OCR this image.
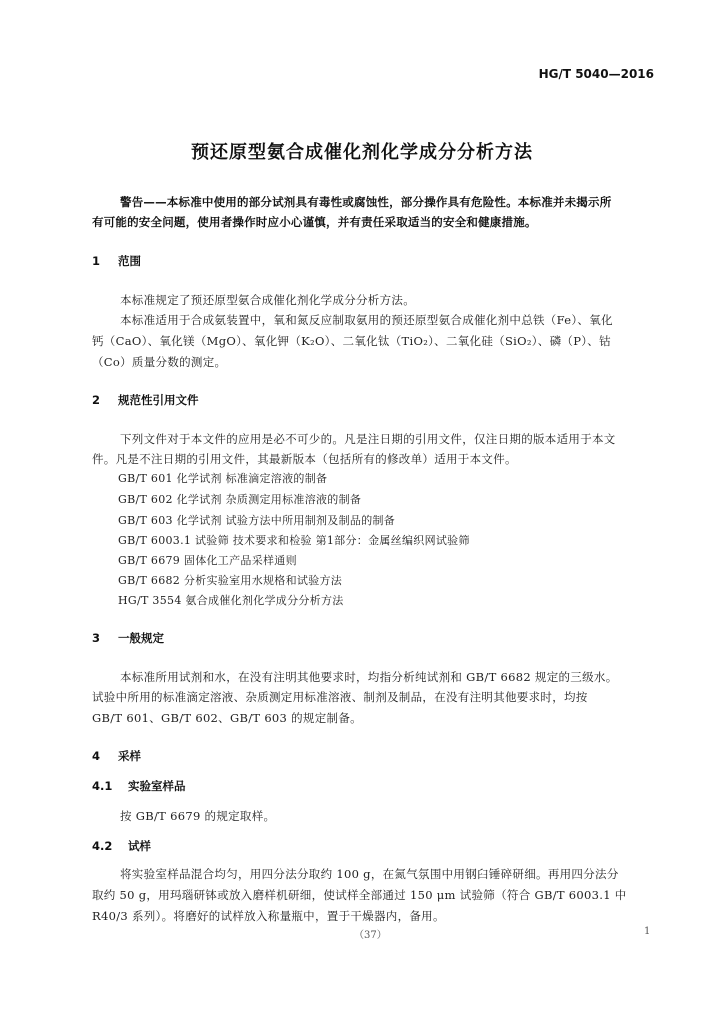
HG/T 5040—2016
预还原型氨合成催化剂化学成分分析方法
警告——本标准中使用的部分试剂具有毒性或腐蚀性，部分操作具有危险性。本标准并未揭示所
有可能的安全问题，使用者操作时应小心谨慎，并有责任采取适当的安全和健康措施。
1 范围
本标准规定了预还原型氨合成催化剂化学成分分析方法。
本标准适用于合成氨装置中，氧和氮反应制取氨用的预还原型氨合成催化剂中总铁（Fe）、氧化
钙（CaO）、氧化镁（MgO）、氧化钾（K₂O）、二氧化钛（TiO₂）、二氧化硅（SiO₂）、磷（P）、钴
（Co）质量分数的测定。
2 规范性引用文件
下列文件对于本文件的应用是必不可少的。凡是注日期的引用文件，仅注日期的版本适用于本文
件。凡是不注日期的引用文件，其最新版本（包括所有的修改单）适用于本文件。
GB/T 601 化学试剂 标准滴定溶液的制备
GB/T 602 化学试剂 杂质测定用标准溶液的制备
GB/T 603 化学试剂 试验方法中所用制剂及制品的制备
GB/T 6003.1 试验筛 技术要求和检验 第1部分：金属丝编织网试验筛
GB/T 6679 固体化工产品采样通则
GB/T 6682 分析实验室用水规格和试验方法
HG/T 3554 氨合成催化剂化学成分分析方法
3 一般规定
本标准所用试剂和水，在没有注明其他要求时，均指分析纯试剂和 GB/T 6682 规定的三级水。
试验中所用的标准滴定溶液、杂质测定用标准溶液、制剂及制品，在没有注明其他要求时，均按
GB/T 601、GB/T 602、GB/T 603 的规定制备。
4 采样
4.1 实验室样品
按 GB/T 6679 的规定取样。
4.2 试样
将实验室样品混合均匀，用四分法分取约 100 g，在氮气氛围中用钢臼锤碎研细。再用四分法分
取约 50 g，用玛瑙研钵或放入磨样机研细，使试样全部通过 150 μm 试验筛（符合 GB/T 6003.1 中
R40/3 系列）。将磨好的试样放入称量瓶中，置于干燥器内，备用。
（37）	1
